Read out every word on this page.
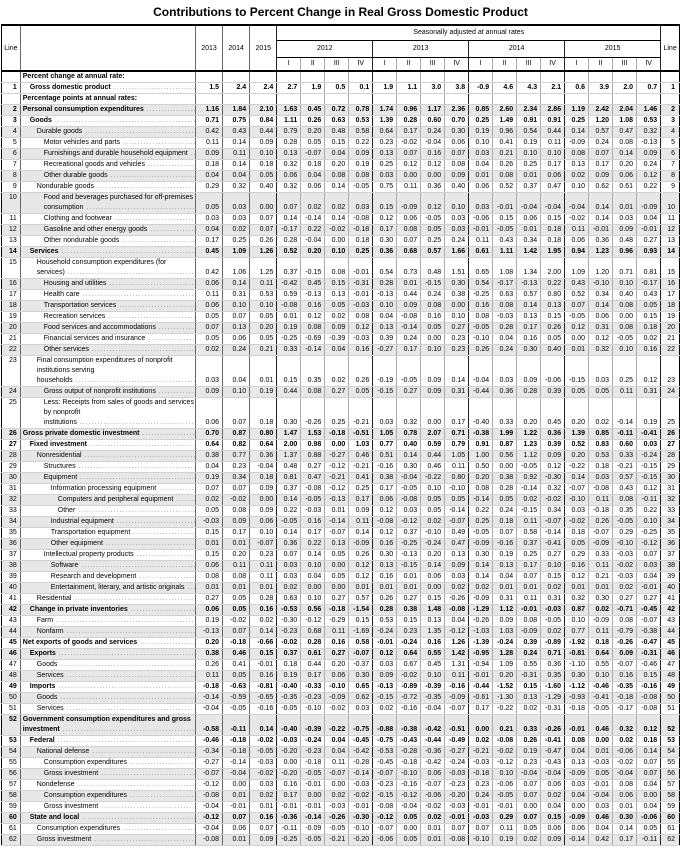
Contributions to Percent Change in Real Gross Domestic Product
Line		2013	2014	2015	Seasonally adjusted at annual rates																Line
					2012				2013				2014				2015				
					I	II	III	IV	I	II	III	IV	I	II	III	IV	I	II	III	IV	
	Percent change at annual rate:																				
1	Gross domestic product .....	1.5	2.4	2.4	2.7	1.9	0.5	0.1	1.9	1.1	3.0	3.8	-0.9	4.6	4.3	2.1	0.6	3.9	2.0	0.7	1
	Percentage points at annual rates:																				
2	Personal consumption expenditures .....	1.16	1.84	2.10	1.63	0.45	0.72	0.78	1.74	0.96	1.17	2.36	0.85	2.60	2.34	2.86	1.19	2.42	2.04	1.46	2
3	Goods .....	0.71	0.75	0.84	1.11	0.26	0.63	0.53	1.39	0.28	0.60	0.70	0.25	1.49	0.91	0.91	0.25	1.20	1.08	0.53	3
4	Durable goods .....	0.42	0.43	0.44	0.79	0.20	0.48	0.58	0.64	0.17	0.24	0.30	0.19	0.96	0.54	0.44	0.14	0.57	0.47	0.32	4
5	Motor vehicles and parts .....	0.11	0.14	0.09	0.28	0.05	0.15	0.22	0.23	-0.02	-0.04	0.06	0.10	0.41	0.19	0.11	-0.09	0.24	0.08	-0.13	5
6	Furnishings and durable household equipment .....	0.09	0.11	0.10	0.13	-0.07	0.04	0.09	0.13	0.07	0.16	0.07	0.03	0.21	0.10	0.10	0.08	0.07	0.14	0.09	6
7	Recreational goods and vehicles .....	0.18	0.14	0.18	0.32	0.18	0.20	0.19	0.25	0.12	0.12	0.08	0.04	0.26	0.25	0.17	0.13	0.17	0.20	0.24	7
8	Other durable goods .....	0.04	0.04	0.05	0.06	0.04	0.08	0.08	0.03	0.00	0.00	0.09	0.01	0.08	0.01	0.06	0.02	0.09	0.06	0.12	8
9	Nondurable goods .....	0.29	0.32	0.40	0.32	0.06	0.14	-0.05	0.75	0.11	0.36	0.40	0.06	0.52	0.37	0.47	0.10	0.62	0.61	0.22	9
10	Food and beverages purchased for off-premises consumption .....	0.05	0.03	0.00	0.07	0.02	0.02	0.03	0.15	-0.09	0.12	0.10	0.03	-0.01	-0.04	-0.04	-0.04	0.14	0.01	-0.09	10
11	Clothing and footwear .....	0.03	0.03	0.07	0.14	-0.14	0.14	-0.08	0.12	0.06	-0.05	0.03	-0.06	0.15	0.06	0.15	-0.02	0.14	0.03	0.04	11
12	Gasoline and other energy goods .....	0.04	0.02	0.07	-0.17	0.22	-0.02	-0.18	0.17	0.08	0.05	0.03	-0.01	-0.05	0.01	0.18	0.11	-0.01	0.09	-0.01	12
13	Other nondurable goods .....	0.17	0.25	0.26	0.28	-0.04	0.00	0.18	0.30	0.07	0.25	0.24	0.11	0.43	0.34	0.18	0.06	0.36	0.48	0.27	13
14	Services .....	0.45	1.09	1.26	0.52	0.20	0.10	0.25	0.36	0.68	0.57	1.66	0.61	1.11	1.42	1.95	0.94	1.23	0.96	0.93	14
15	Household consumption expenditures (for services) .....	0.42	1.06	1.25	0.37	-0.15	0.08	-0.01	0.54	0.73	0.48	1.51	0.65	1.08	1.34	2.00	1.09	1.20	0.71	0.81	15
16	Housing and utilities .....	0.06	0.14	0.11	-0.42	0.45	0.15	-0.31	0.28	0.01	-0.15	0.30	0.54	-0.17	-0.13	0.22	0.43	-0.10	0.10	-0.17	16
17	Health care .....	0.11	0.31	0.53	0.59	-0.13	0.13	-0.01	-0.13	0.44	0.24	0.38	-0.25	0.63	0.57	0.80	0.52	0.34	0.40	0.43	17
18	Transportation services .....	0.06	0.10	0.10	-0.08	0.16	0.05	-0.03	0.10	0.09	0.08	0.00	0.16	0.08	0.14	0.13	0.07	0.14	0.08	0.05	18
19	Recreation services .....	0.05	0.07	0.05	0.01	0.12	0.02	0.08	0.04	-0.08	0.16	0.10	0.08	-0.03	0.13	0.15	-0.05	0.06	0.00	0.15	19
20	Food services and accommodations .....	0.07	0.13	0.20	0.19	0.08	0.09	0.12	0.13	-0.14	0.05	0.27	-0.05	0.28	0.17	0.26	0.12	0.31	0.08	0.18	20
21	Financial services and insurance .....	0.05	0.06	0.05	-0.25	-0.69	-0.39	-0.03	0.39	0.24	0.00	0.23	-0.10	0.04	0.16	0.05	0.00	0.12	-0.05	0.02	21
22	Other services .....	0.02	0.24	0.21	0.33	-0.14	0.04	0.16	-0.27	0.17	0.10	0.23	0.26	0.24	0.30	0.40	0.01	0.32	0.10	0.16	22
23	Final consumption expenditures of nonprofit institutions serving households .....	0.03	0.04	0.01	0.15	0.35	0.02	0.26	-0.19	-0.05	0.09	0.14	-0.04	0.03	0.09	-0.06	-0.15	0.03	0.25	0.12	23
24	Gross output of nonprofit institutions .....	0.09	0.10	0.19	0.44	0.08	0.27	0.05	-0.15	0.27	0.09	0.31	-0.44	0.36	0.28	0.39	0.05	0.05	0.11	0.31	24
25	Less: Receipts from sales of goods and services by nonprofit institutions .....	0.06	0.07	0.18	0.30	-0.26	0.25	-0.21	0.03	0.32	0.00	0.17	-0.40	0.33	0.20	0.45	0.20	0.02	-0.14	0.19	25
26	Gross private domestic investment .....	0.70	0.87	0.80	1.47	1.53	-0.18	-0.51	1.05	0.78	2.07	0.71	-0.38	1.99	1.22	0.36	1.39	0.85	-0.11	-0.41	26
27	Fixed investment .....	0.64	0.82	0.64	2.00	0.98	0.00	1.03	0.77	0.40	0.59	0.79	0.91	0.87	1.23	0.39	0.52	0.83	0.60	0.03	27
28	Nonresidential .....	0.38	0.77	0.36	1.37	0.88	-0.27	0.46	0.51	0.14	0.44	1.05	1.00	0.56	1.12	0.09	0.20	0.53	0.33	-0.24	28
29	Structures .....	0.04	0.23	-0.04	0.48	0.27	-0.12	-0.21	-0.16	0.30	0.46	0.11	0.50	0.00	-0.05	0.12	-0.22	0.18	-0.21	-0.15	29
30	Equipment .....	0.19	0.34	0.18	0.81	0.47	-0.21	0.41	0.38	-0.04	-0.22	0.80	0.20	0.38	0.92	-0.30	0.14	0.03	0.57	-0.15	30
31	Information processing equipment .....	0.07	0.07	0.09	0.37	-0.08	-0.12	0.25	0.17	-0.05	0.10	-0.10	0.08	0.28	-0.14	0.32	-0.07	-0.08	0.43	0.12	31
32	Computers and peripheral equipment .....	0.02	-0.02	0.00	0.14	-0.05	-0.13	0.17	0.06	-0.08	0.05	0.05	-0.14	0.05	0.02	-0.02	-0.10	0.11	0.08	-0.11	32
33	Other .....	0.05	0.08	0.09	0.22	-0.03	0.01	0.09	0.12	0.03	0.05	-0.14	0.22	0.24	-0.15	0.34	0.03	-0.18	0.35	0.22	33
34	Industrial equipment .....	-0.03	0.09	0.06	-0.05	0.16	-0.14	0.11	-0.08	-0.12	0.02	-0.07	0.25	0.18	0.11	-0.07	-0.02	0.26	-0.05	0.10	34
35	Transportation equipment .....	0.15	0.17	0.10	0.14	0.17	-0.07	0.14	0.12	0.37	-0.10	0.49	-0.05	0.07	0.58	-0.14	0.18	-0.07	0.29	-0.25	35
36	Other equipment .....	0.01	0.01	-0.07	0.36	0.22	0.13	-0.09	0.16	-0.25	-0.24	0.47	-0.09	-0.16	0.37	-0.41	0.05	-0.09	-0.10	-0.12	36
37	Intellectual property products .....	0.15	0.20	0.23	0.07	0.14	0.05	0.26	0.30	-0.13	0.20	0.13	0.30	0.19	0.25	0.27	0.29	0.33	-0.03	0.07	37
38	Software .....	0.06	0.11	0.11	0.03	0.10	0.00	0.12	0.13	-0.15	0.14	0.09	0.14	0.13	0.17	0.10	0.16	0.11	-0.02	0.03	38
39	Research and development .....	0.08	0.08	0.11	0.03	0.04	0.05	0.12	0.16	0.01	0.06	0.03	0.14	0.04	0.07	0.15	0.12	0.21	-0.03	0.04	39
40	Entertainment, literary, and artistic originals .....	0.01	0.01	0.01	0.02	0.00	0.00	0.01	0.01	0.01	0.00	0.02	0.02	0.01	0.01	0.02	0.01	0.01	0.02	-0.01	40
41	Residential .....	0.27	0.05	0.28	0.63	0.10	0.27	0.57	0.26	0.27	0.15	-0.26	-0.09	0.31	0.11	0.31	0.32	0.30	0.27	0.27	41
42	Change in private inventories .....	0.06	0.05	0.16	-0.53	0.56	-0.18	-1.54	0.28	0.38	1.48	-0.08	-1.29	1.12	-0.01	-0.03	0.87	0.02	-0.71	-0.45	42
43	Farm .....	0.19	-0.02	0.02	-0.30	-0.12	-0.29	0.15	0.53	0.15	0.13	0.04	-0.26	0.09	0.08	-0.05	0.10	-0.09	0.08	-0.07	43
44	Nonfarm .....	-0.13	0.07	0.14	-0.23	0.68	0.11	-1.69	-0.24	0.23	1.35	-0.12	-1.03	1.03	-0.09	0.02	0.77	0.11	-0.79	-0.38	44
45	Net exports of goods and services .....	0.20	-0.18	-0.66	-0.02	0.28	0.16	0.58	-0.01	-0.24	0.16	1.26	-1.39	-0.24	0.39	-0.89	-1.92	0.18	-0.26	-0.47	45
46	Exports .....	0.38	0.46	0.15	0.37	0.61	0.27	-0.07	0.12	0.64	0.55	1.42	-0.95	1.28	0.24	0.71	-0.81	0.64	0.09	-0.31	46
47	Goods .....	0.26	0.41	-0.01	0.18	0.44	0.20	-0.37	0.03	0.67	0.45	1.31	-0.94	1.09	0.55	0.36	-1.10	0.55	-0.07	-0.46	47
48	Services .....	0.11	0.05	0.16	0.19	0.17	0.06	0.30	0.09	-0.02	0.10	0.11	-0.01	0.20	-0.31	0.35	0.30	0.10	0.16	0.15	48
49	Imports .....	-0.18	-0.63	-0.81	-0.40	-0.33	-0.10	0.65	-0.13	-0.89	-0.39	-0.16	-0.44	-1.52	0.15	-1.60	-1.12	-0.46	-0.35	-0.16	49
50	Goods .....	-0.14	-0.59	-0.65	-0.35	-0.23	-0.09	0.62	-0.15	-0.72	-0.35	-0.09	-0.61	-1.30	0.13	-1.29	-0.93	-0.41	-0.18	-0.08	50
51	Services .....	-0.04	-0.05	-0.16	-0.05	-0.10	-0.02	0.03	0.02	-0.16	-0.04	-0.07	0.17	-0.22	0.02	-0.31	-0.18	-0.05	-0.17	-0.08	51
52	Government consumption expenditures and gross investment .....	-0.58	-0.11	0.14	-0.40	-0.39	-0.22	-0.75	-0.88	-0.38	-0.42	-0.51	0.00	0.21	0.33	-0.26	-0.01	0.46	0.32	0.12	52
53	Federal .....	-0.46	-0.18	-0.02	-0.03	-0.24	0.04	-0.45	-0.75	-0.43	-0.44	-0.49	0.02	-0.08	0.26	-0.41	0.08	0.00	0.02	0.18	53
54	National defense .....	-0.34	-0.18	-0.05	-0.20	-0.23	0.04	-0.42	-0.53	-0.28	-0.36	-0.27	-0.21	-0.02	0.19	-0.47	0.04	0.01	-0.06	0.14	54
55	Consumption expenditures .....	-0.27	-0.14	-0.03	0.00	-0.18	0.11	-0.28	-0.45	-0.18	-0.42	-0.24	-0.03	-0.12	0.23	-0.43	0.13	-0.03	-0.02	0.07	55
56	Gross investment .....	-0.07	-0.04	-0.02	-0.20	-0.05	-0.07	-0.14	-0.07	-0.10	0.06	-0.03	-0.18	0.10	-0.04	-0.04	-0.09	0.05	-0.04	0.07	56
57	Nondefense .....	-0.12	0.00	0.03	0.16	-0.01	0.00	-0.03	-0.23	-0.16	-0.07	-0.23	0.23	-0.06	0.07	0.06	0.03	-0.01	0.08	0.04	57
58	Consumption expenditures .....	-0.08	0.01	0.02	0.17	0.00	0.02	-0.02	-0.15	-0.12	-0.06	-0.20	0.24	-0.05	0.07	0.02	0.04	-0.04	0.06	0.00	58
59	Gross investment .....	-0.04	-0.01	0.01	-0.01	-0.01	-0.03	-0.01	-0.08	-0.04	-0.02	-0.03	-0.01	-0.01	0.00	0.04	0.00	0.03	0.01	0.04	59
60	State and local .....	-0.12	0.07	0.16	-0.36	-0.14	-0.26	-0.30	-0.12	0.05	0.02	-0.01	-0.03	0.29	0.07	0.15	-0.09	0.46	0.30	-0.06	60
61	Consumption expenditures .....	-0.04	0.06	0.07	-0.11	-0.09	-0.05	-0.10	-0.07	0.00	0.01	0.07	0.07	0.11	0.05	0.06	0.06	0.04	0.14	0.05	61
62	Gross investment .....	-0.08	0.01	0.09	-0.25	-0.05	-0.21	-0.20	-0.06	0.05	0.01	-0.08	-0.10	0.19	0.02	0.09	-0.14	0.42	0.17	-0.11	62
